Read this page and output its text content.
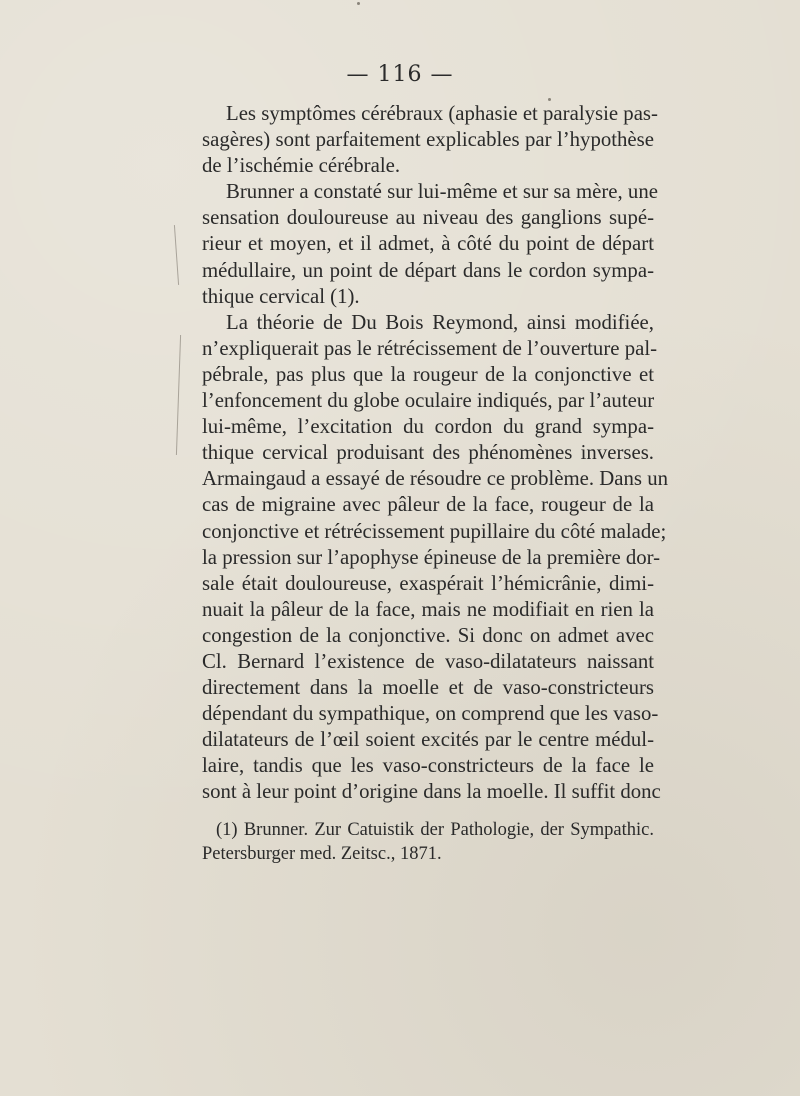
— 116 —
Les symptômes cérébraux (aphasie et paralysie pas-
sagères) sont parfaitement explicables par l’hypothèse
de l’ischémie cérébrale.
Brunner a constaté sur lui-même et sur sa mère, une
sensation douloureuse au niveau des ganglions supé-
rieur et moyen, et il admet, à côté du point de départ
médullaire, un point de départ dans le cordon sympa-
thique cervical (1).
La théorie de Du Bois Reymond, ainsi modifiée,
n’expliquerait pas le rétrécissement de l’ouverture pal-
pébrale, pas plus que la rougeur de la conjonctive et
l’enfoncement du globe oculaire indiqués, par l’auteur
lui-même, l’excitation du cordon du grand sympa-
thique cervical produisant des phénomènes inverses.
Armaingaud a essayé de résoudre ce problème. Dans un
cas de migraine avec pâleur de la face, rougeur de la
conjonctive et rétrécissement pupillaire du côté malade;
la pression sur l’apophyse épineuse de la première dor-
sale était douloureuse, exaspérait l’hémicrânie, dimi-
nuait la pâleur de la face, mais ne modifiait en rien la
congestion de la conjonctive. Si donc on admet avec
Cl. Bernard l’existence de vaso-dilatateurs naissant
directement dans la moelle et de vaso-constricteurs
dépendant du sympathique, on comprend que les vaso-
dilatateurs de l’œil soient excités par le centre médul-
laire, tandis que les vaso-constricteurs de la face le
sont à leur point d’origine dans la moelle. Il suffit donc
(1) Brunner. Zur Catuistik der Pathologie, der Sympathic.
Petersburger med. Zeitsc., 1871.
